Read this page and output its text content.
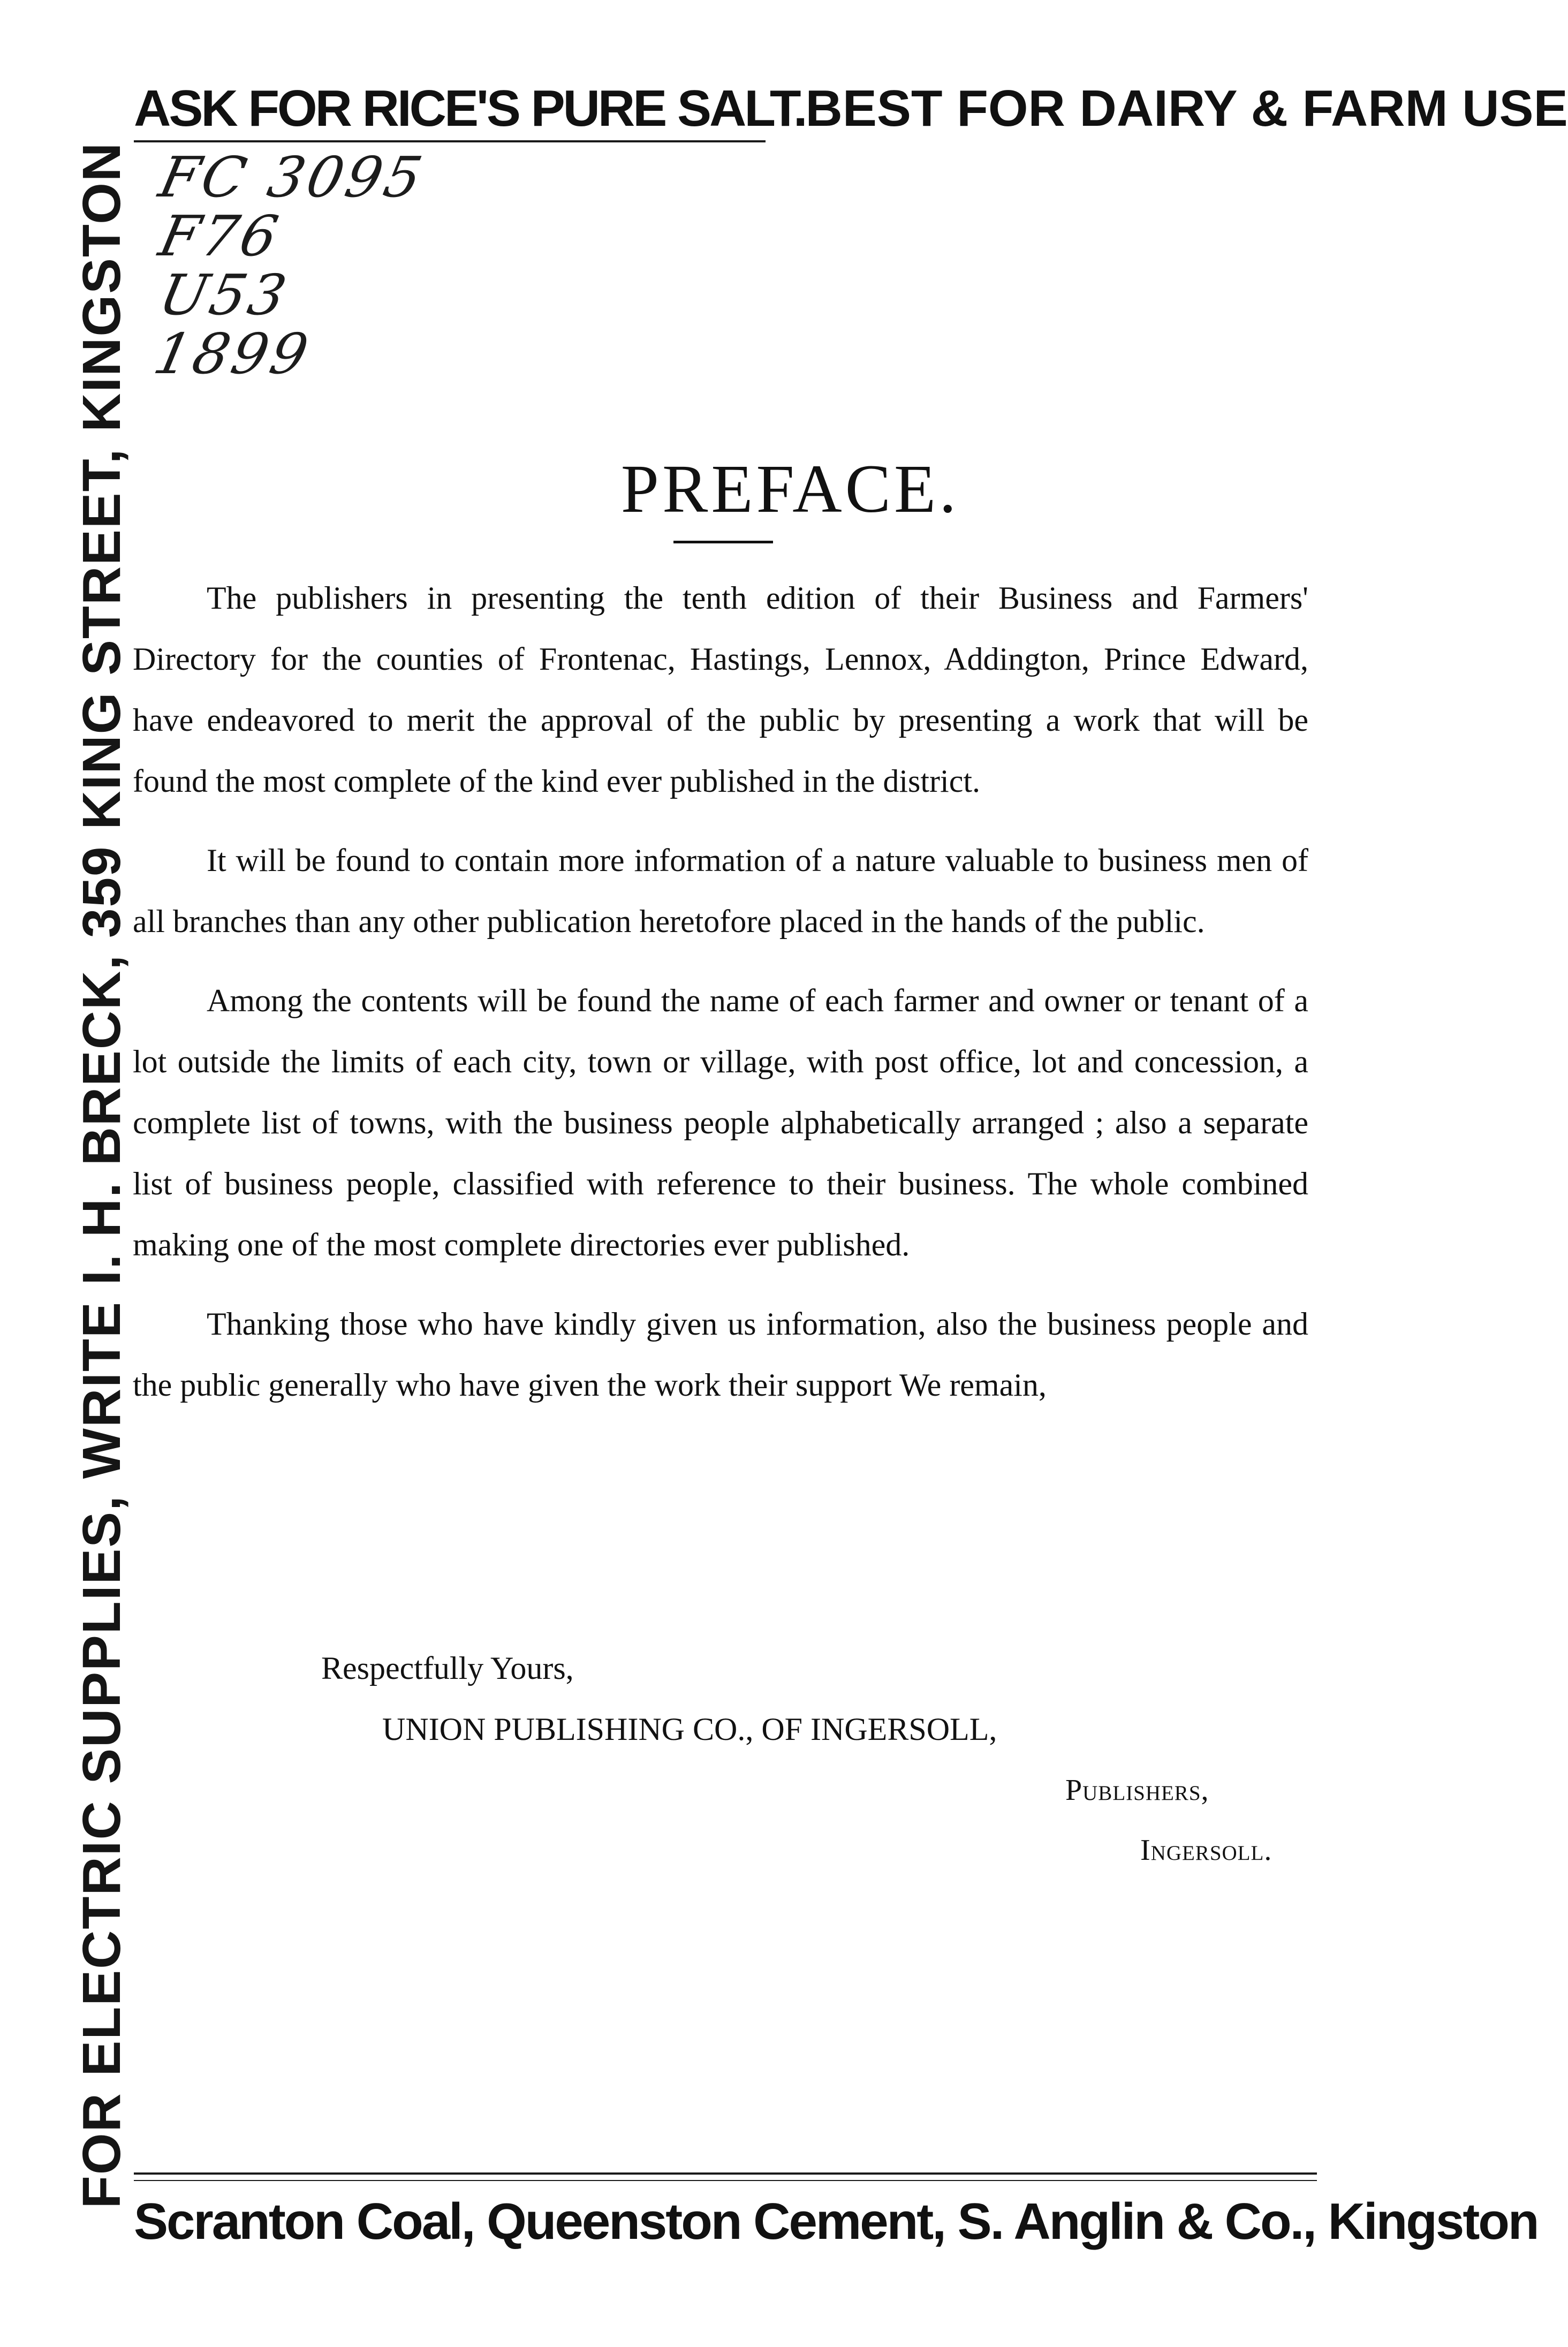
FOR ELECTRIC SUPPLIES, WRITE I. H. BRECK, 359 KING STREET, KINGSTON
ASK FOR RICE'S PURE SALT. BEST FOR DAIRY & FARM USE
FC 3095
F76
U53
1899
PREFACE.

The publishers in presenting the tenth edition of their Business and Farmers' Directory for the counties of Frontenac, Hastings, Lennox, Addington, Prince Edward, have endeavored to merit the approval of the public by presenting a work that will be found the most complete of the kind ever published in the district.

It will be found to contain more information of a nature valuable to business men of all branches than any other publication heretofore placed in the hands of the public.

Among the contents will be found the name of each farmer and owner or tenant of a lot outside the limits of each city, town or village, with post office, lot and concession, a complete list of towns, with the business people alphabetically arranged ; also a separate list of business people, classified with reference to their business. The whole combined making one of the most complete directories ever published.

Thanking those who have kindly given us information, also the business people and the public generally who have given the work their support We remain,

Respectfully Yours,
UNION PUBLISHING CO., OF INGERSOLL,
Publishers,
Ingersoll.
Scranton Coal, Queenston Cement, S. Anglin & Co., Kingston
